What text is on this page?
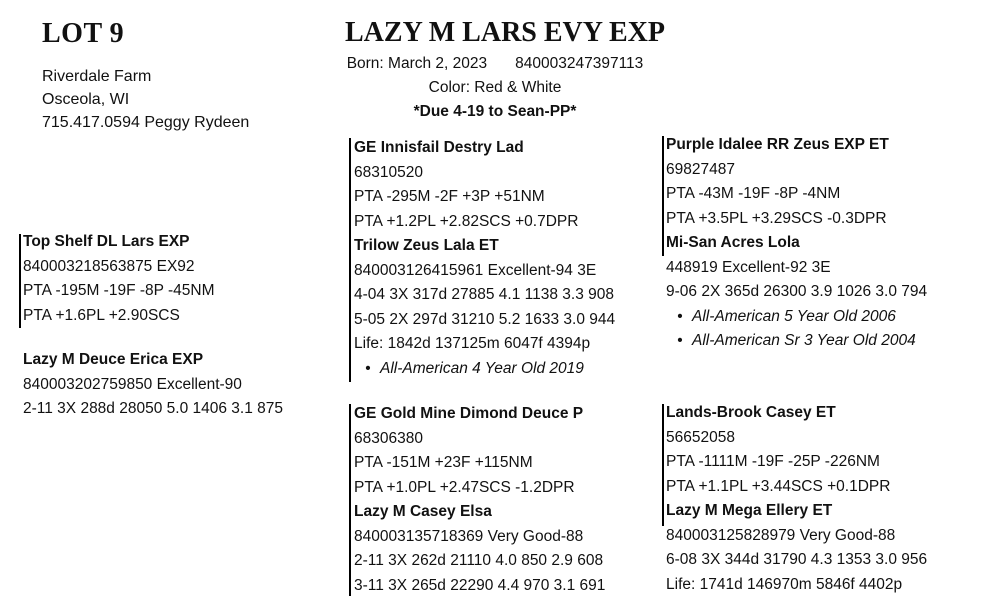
LOT 9
Riverdale Farm
Osceola, WI
715.417.0594 Peggy Rydeen
LAZY M LARS EVY EXP
Born: March 2, 2023 840003247397113
Color: Red & White
*Due 4-19 to Sean-PP*
Top Shelf DL Lars EXP
840003218563875 EX92
PTA -195M -19F -8P -45NM
PTA +1.6PL +2.90SCS
Lazy M Deuce Erica EXP
840003202759850 Excellent-90
2-11 3X 288d 28050 5.0 1406 3.1 875
GE Innisfail Destry Lad
68310520
PTA -295M -2F +3P +51NM
PTA +1.2PL +2.82SCS +0.7DPR
Trilow Zeus Lala ET
840003126415961 Excellent-94 3E
4-04 3X 317d 27885 4.1 1138 3.3 908
5-05 2X 297d 31210 5.2 1633 3.0 944
Life: 1842d 137125m 6047f 4394p
• All-American 4 Year Old 2019
GE Gold Mine Dimond Deuce P
68306380
PTA -151M +23F +115NM
PTA +1.0PL +2.47SCS -1.2DPR
Lazy M Casey Elsa
840003135718369 Very Good-88
2-11 3X 262d 21110 4.0 850 2.9 608
3-11 3X 265d 22290 4.4 970 3.1 691
Purple Idalee RR Zeus EXP ET
69827487
PTA -43M -19F -8P -4NM
PTA +3.5PL +3.29SCS -0.3DPR
Mi-San Acres Lola
448919 Excellent-92 3E
9-06 2X 365d 26300 3.9 1026 3.0 794
• All-American 5 Year Old 2006
• All-American Sr 3 Year Old 2004
Lands-Brook Casey ET
56652058
PTA -1111M -19F -25P -226NM
PTA +1.1PL +3.44SCS +0.1DPR
Lazy M Mega Ellery ET
840003125828979 Very Good-88
6-08 3X 344d 31790 4.3 1353 3.0 956
Life: 1741d 146970m 5846f 4402p
